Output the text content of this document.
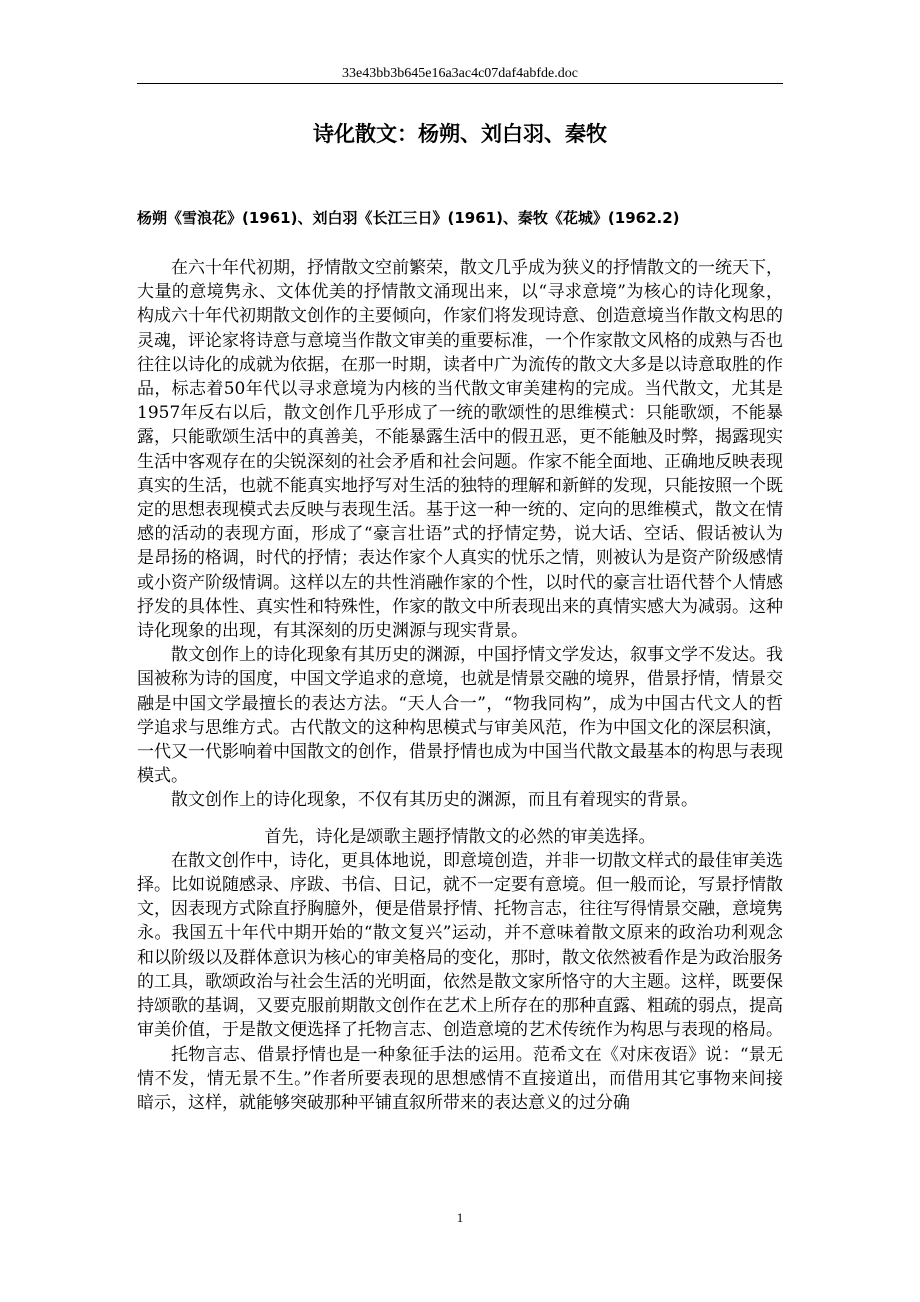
33e43bb3b645e16a3ac4c07daf4abfde.doc
诗化散文：杨朔、刘白羽、秦牧
杨朔《雪浪花》(1961)、刘白羽《长江三日》(1961)、秦牧《花城》(1962.2)

在六十年代初期，抒情散文空前繁荣，散文几乎成为狭义的抒情散文的一统天下，大量的意境隽永、文体优美的抒情散文涌现出来，以“寻求意境”为核心的诗化现象，构成六十年代初期散文创作的主要倾向，作家们将发现诗意、创造意境当作散文构思的灵魂，评论家将诗意与意境当作散文审美的重要标准，一个作家散文风格的成熟与否也往往以诗化的成就为依据，在那一时期，读者中广为流传的散文大多是以诗意取胜的作品，标志着50年代以寻求意境为内核的当代散文审美建构的完成。当代散文，尤其是1957年反右以后，散文创作几乎形成了一统的歌颂性的思维模式：只能歌颂，不能暴露，只能歌颂生活中的真善美，不能暴露生活中的假丑恶，更不能触及时弊，揭露现实生活中客观存在的尖锐深刻的社会矛盾和社会问题。作家不能全面地、正确地反映表现真实的生活，也就不能真实地抒写对生活的独特的理解和新鲜的发现，只能按照一个既定的思想表现模式去反映与表现生活。基于这一种一统的、定向的思维模式，散文在情感的活动的表现方面，形成了“豪言壮语”式的抒情定势，说大话、空话、假话被认为是昂扬的格调，时代的抒情；表达作家个人真实的忧乐之情，则被认为是资产阶级感情或小资产阶级情调。这样以左的共性消融作家的个性，以时代的豪言壮语代替个人情感抒发的具体性、真实性和特殊性，作家的散文中所表现出来的真情实感大为减弱。这种诗化现象的出现，有其深刻的历史渊源与现实背景。

散文创作上的诗化现象有其历史的渊源，中国抒情文学发达，叙事文学不发达。我国被称为诗的国度，中国文学追求的意境，也就是情景交融的境界，借景抒情，情景交融是中国文学最擅长的表达方法。“天人合一”，“物我同构”，成为中国古代文人的哲学追求与思维方式。古代散文的这种构思模式与审美风范，作为中国文化的深层积演，一代又一代影响着中国散文的创作，借景抒情也成为中国当代散文最基本的构思与表现模式。

散文创作上的诗化现象，不仅有其历史的渊源，而且有着现实的背景。

首先，诗化是颂歌主题抒情散文的必然的审美选择。

在散文创作中，诗化，更具体地说，即意境创造，并非一切散文样式的最佳审美选择。比如说随感录、序跋、书信、日记，就不一定要有意境。但一般而论，写景抒情散文，因表现方式除直抒胸臆外，便是借景抒情、托物言志，往往写得情景交融，意境隽永。我国五十年代中期开始的“散文复兴”运动，并不意味着散文原来的政治功利观念和以阶级以及群体意识为核心的审美格局的变化，那时，散文依然被看作是为政治服务的工具，歌颂政治与社会生活的光明面，依然是散文家所恪守的大主题。这样，既要保持颂歌的基调，又要克服前期散文创作在艺术上所存在的那种直露、粗疏的弱点，提高审美价值，于是散文便选择了托物言志、创造意境的艺术传统作为构思与表现的格局。

托物言志、借景抒情也是一种象征手法的运用。范希文在《对床夜语》说：“景无情不发，情无景不生。”作者所要表现的思想感情不直接道出，而借用其它事物来间接暗示，这样，就能够突破那种平铺直叙所带来的表达意义的过分确

1
